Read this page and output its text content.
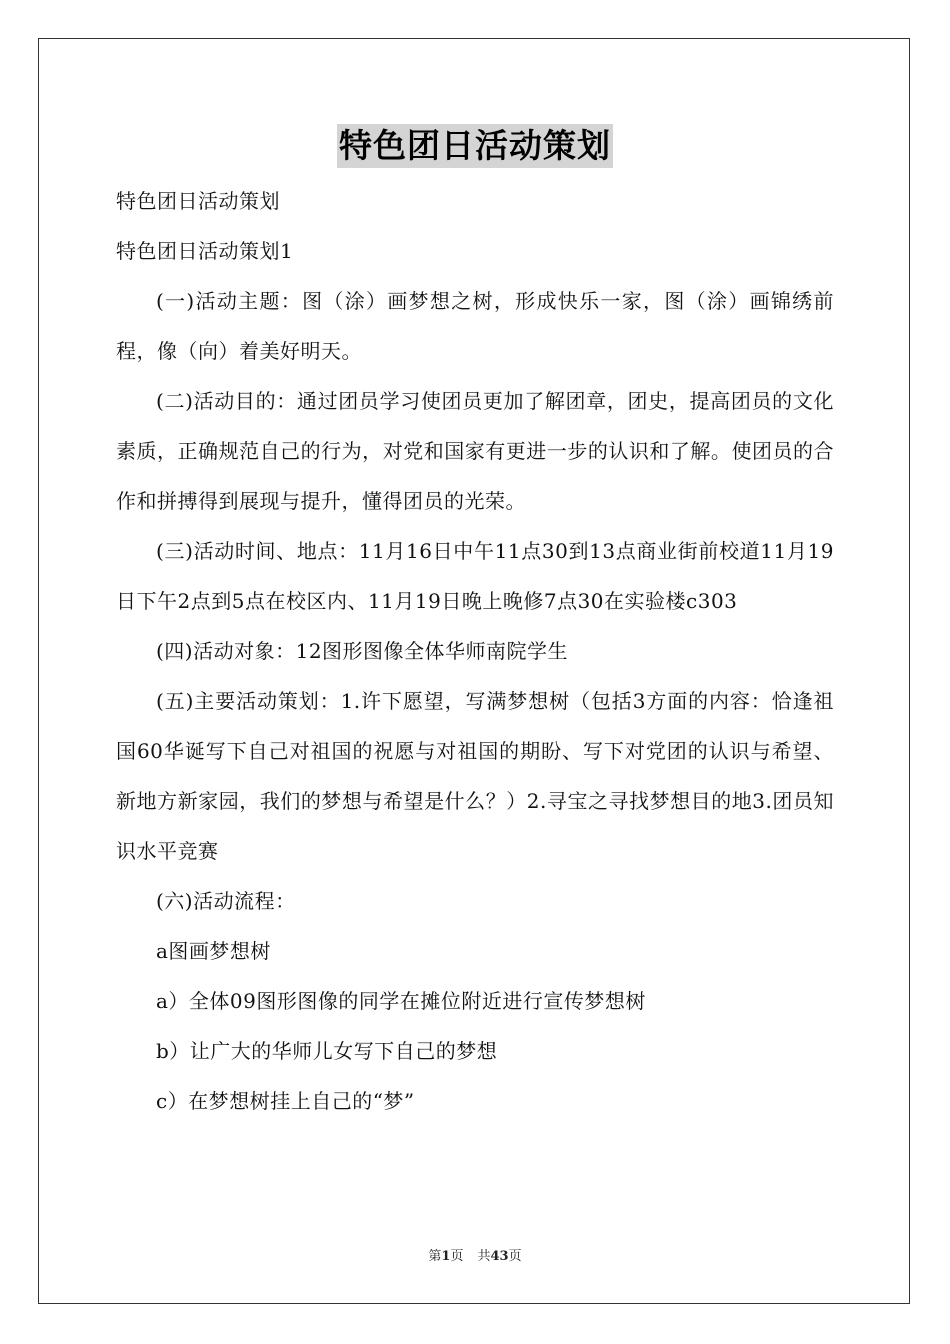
特色团日活动策划

特色团日活动策划

特色团日活动策划1

(一)活动主题：图（涂）画梦想之树，形成快乐一家，图（涂）画锦绣前程，像（向）着美好明天。

(二)活动目的：通过团员学习使团员更加了解团章，团史，提高团员的文化素质，正确规范自己的行为，对党和国家有更进一步的认识和了解。使团员的合作和拼搏得到展现与提升，懂得团员的光荣。

(三)活动时间、地点：11月16日中午11点30到13点商业街前校道11月19日下午2点到5点在校区内、11月19日晚上晚修7点30在实验楼c303

(四)活动对象：12图形图像全体华师南院学生

(五)主要活动策划：1.许下愿望，写满梦想树（包括3方面的内容：恰逢祖国60华诞写下自己对祖国的祝愿与对祖国的期盼、写下对党团的认识与希望、新地方新家园，我们的梦想与希望是什么？）2.寻宝之寻找梦想目的地3.团员知识水平竞赛

(六)活动流程：

a图画梦想树

a）全体09图形图像的同学在摊位附近进行宣传梦想树

b）让广大的华师儿女写下自己的梦想

c）在梦想树挂上自己的“梦”

第1页 共43页
